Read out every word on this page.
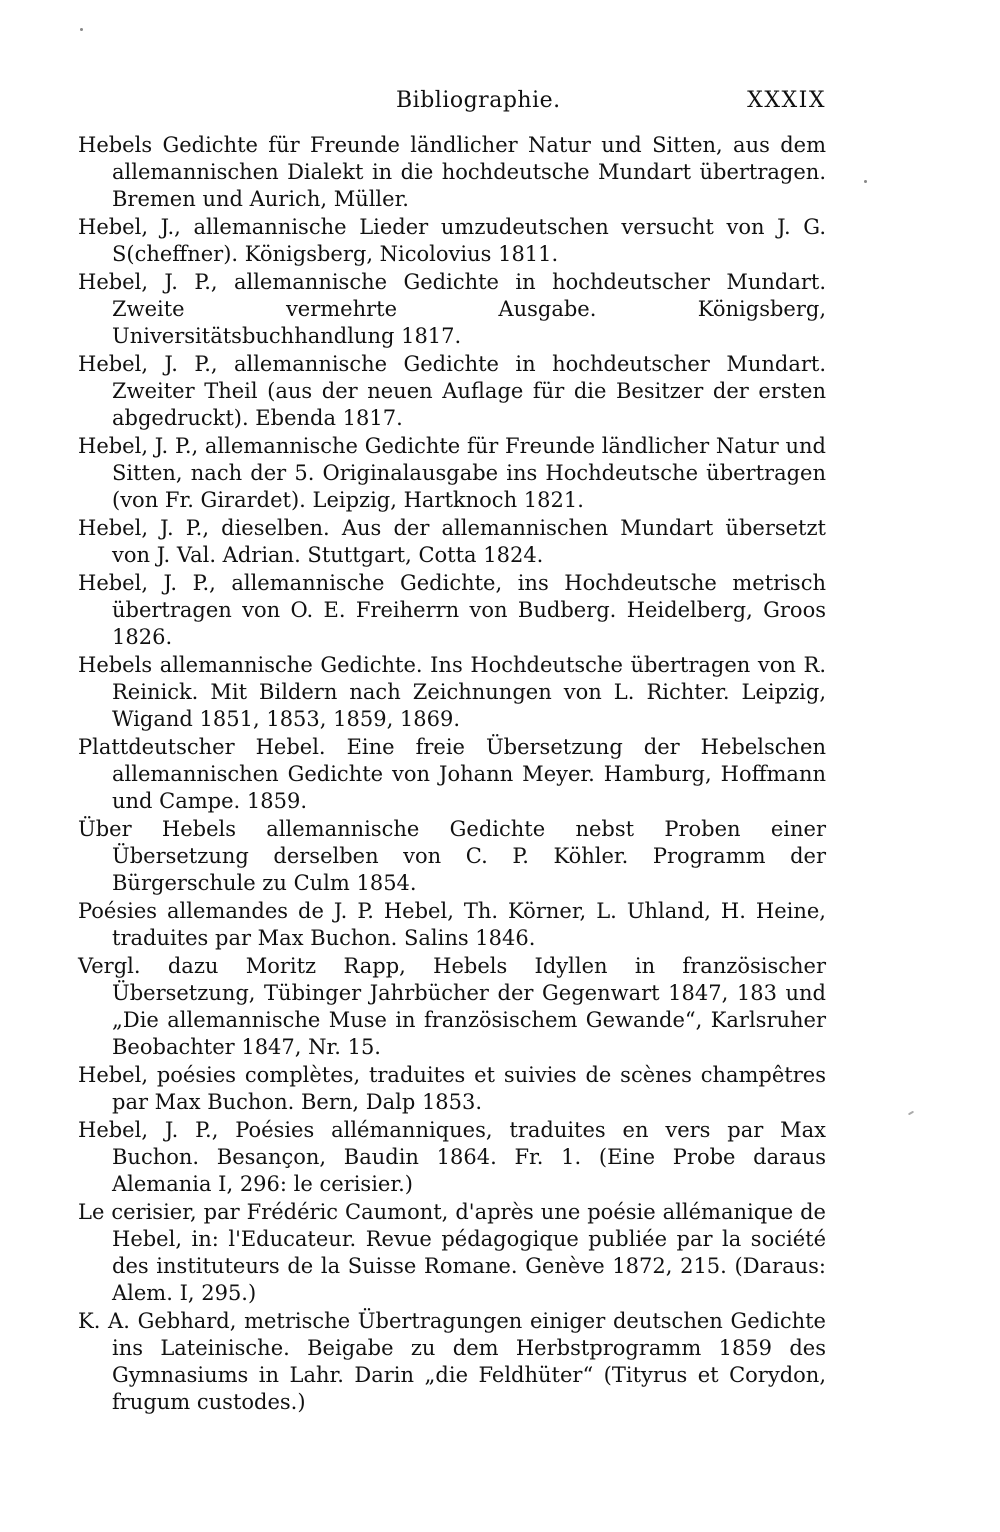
Bibliographie.	XXXIX
Hebels Gedichte für Freunde ländlicher Natur und Sitten, aus dem allemannischen Dialekt in die hochdeutsche Mundart übertragen. Bremen und Aurich, Müller.
Hebel, J., allemannische Lieder umzudeutschen versucht von J. G. S(cheffner). Königsberg, Nicolovius 1811.
Hebel, J. P., allemannische Gedichte in hochdeutscher Mundart. Zweite vermehrte Ausgabe. Königsberg, Universitätsbuchhandlung 1817.
Hebel, J. P., allemannische Gedichte in hochdeutscher Mundart. Zweiter Theil (aus der neuen Auflage für die Besitzer der ersten abgedruckt). Ebenda 1817.
Hebel, J. P., allemannische Gedichte für Freunde ländlicher Natur und Sitten, nach der 5. Originalausgabe ins Hochdeutsche übertragen (von Fr. Girardet). Leipzig, Hartknoch 1821.
Hebel, J. P., dieselben. Aus der allemannischen Mundart übersetzt von J. Val. Adrian. Stuttgart, Cotta 1824.
Hebel, J. P., allemannische Gedichte, ins Hochdeutsche metrisch übertragen von O. E. Freiherrn von Budberg. Heidelberg, Groos 1826.
Hebels allemannische Gedichte. Ins Hochdeutsche übertragen von R. Reinick. Mit Bildern nach Zeichnungen von L. Richter. Leipzig, Wigand 1851, 1853, 1859, 1869.
Plattdeutscher Hebel. Eine freie Übersetzung der Hebelschen allemannischen Gedichte von Johann Meyer. Hamburg, Hoffmann und Campe. 1859.
Über Hebels allemannische Gedichte nebst Proben einer Übersetzung derselben von C. P. Köhler. Programm der Bürgerschule zu Culm 1854.
Poésies allemandes de J. P. Hebel, Th. Körner, L. Uhland, H. Heine, traduites par Max Buchon. Salins 1846.
Vergl. dazu Moritz Rapp, Hebels Idyllen in französischer Übersetzung, Tübinger Jahrbücher der Gegenwart 1847, 183 und „Die allemannische Muse in französischem Gewande“, Karlsruher Beobachter 1847, Nr. 15.
Hebel, poésies complètes, traduites et suivies de scènes champêtres par Max Buchon. Bern, Dalp 1853.
Hebel, J. P., Poésies allémanniques, traduites en vers par Max Buchon. Besançon, Baudin 1864. Fr. 1. (Eine Probe daraus Alemania I, 296: le cerisier.)
Le cerisier, par Frédéric Caumont, d'après une poésie allémanique de Hebel, in: l'Educateur. Revue pédagogique publiée par la société des instituteurs de la Suisse Romane. Genève 1872, 215. (Daraus: Alem. I, 295.)
K. A. Gebhard, metrische Übertragungen einiger deutschen Gedichte ins Lateinische. Beigabe zu dem Herbstprogramm 1859 des Gymnasiums in Lahr. Darin „die Feldhüter“ (Tityrus et Corydon, frugum custodes.)
